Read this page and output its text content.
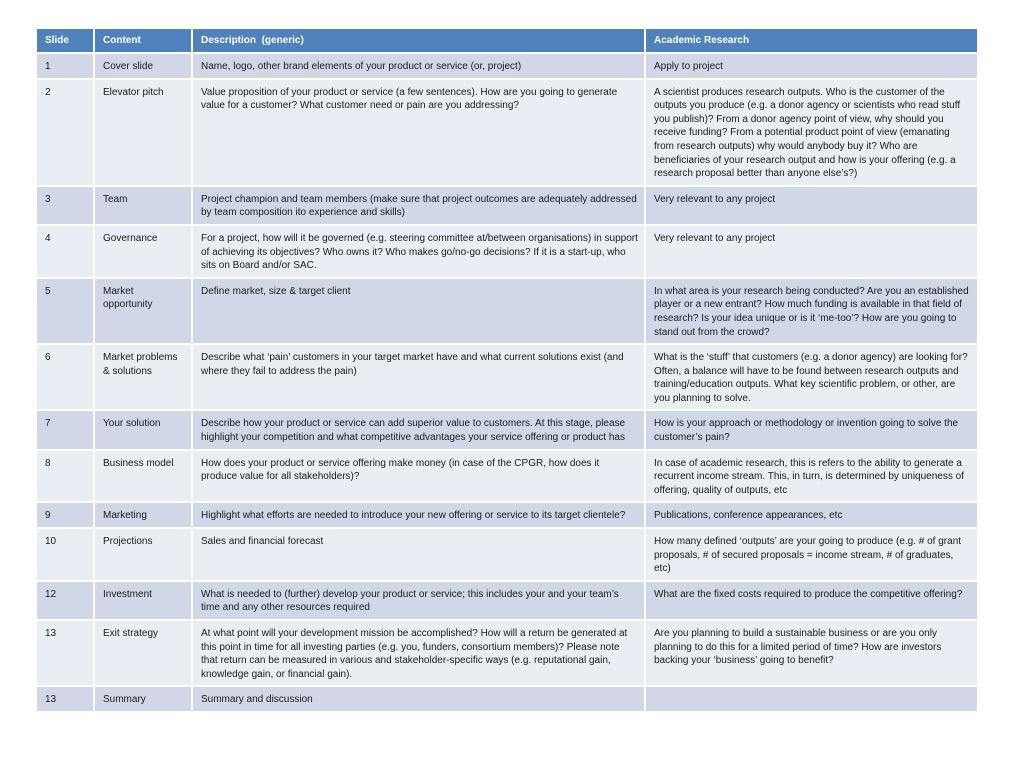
Slide	Content	Description  (generic)	Academic Research
1	Cover slide	Name, logo, other brand elements of your product or service (or, project)	Apply to project
2	Elevator pitch	Value proposition of your product or service (a few sentences). How are you going to generate value for a customer? What customer need or pain are you addressing?	A scientist produces research outputs. Who is the customer of the outputs you produce (e.g. a donor agency or scientists who read stuff you publish)? From a donor agency point of view, why should you receive funding? From a potential product point of view (emanating from research outputs) why would anybody buy it? Who are beneficiaries of your research output and how is your offering (e.g. a research proposal better than anyone else’s?)
3	Team	Project champion and team members (make sure that project outcomes are adequately addressed by team composition ito experience and skills)	Very relevant to any project
4	Governance	For a project, how will it be governed (e.g. steering committee at/between organisations) in support of achieving its objectives? Who owns it? Who makes go/no-go decisions? If it is a start-up, who sits on Board and/or SAC.	Very relevant to any project
5	Market opportunity	Define market, size & target client	In what area is your research being conducted? Are you an established player or a new entrant? How much funding is available in that field of research? Is your idea unique or is it ‘me-too’? How are you going to stand out from the crowd?
6	Market problems & solutions	Describe what ‘pain’ customers in your target market have and what current solutions exist (and where they fail to address the pain)	What is the ‘stuff’ that customers (e.g. a donor agency) are looking for? Often, a balance will have to be found between research outputs and training/education outputs. What key scientific problem, or other, are you planning to solve.
7	Your solution	Describe how your product or service can add superior value to customers. At this stage, please highlight your competition and what competitive advantages your service offering or product has	How is your approach or methodology or invention going to solve the customer’s pain?
8	Business model	How does your product or service offering make money (in case of the CPGR, how does it produce value for all stakeholders)?	In case of academic research, this is refers to the ability to generate a recurrent income stream. This, in turn, is determined by uniqueness of offering, quality of outputs, etc
9	Marketing	Highlight what efforts are needed to introduce your new offering or service to its target clientele?	Publications, conference appearances, etc
10	Projections	Sales and financial forecast	How many defined ‘outputs’ are your going to produce (e.g. # of grant proposals, # of secured proposals = income stream, # of graduates, etc)
12	Investment	What is needed to (further) develop your product or service; this includes your and your team’s time and any other resources required	What are the fixed costs required to produce the competitive offering?
13	Exit strategy	At what point will your development mission be accomplished? How will a return be generated at this point in time for all investing parties (e.g. you, funders, consortium members)? Please note that return can be measured in various and stakeholder-specific ways (e.g. reputational gain, knowledge gain, or financial gain).	Are you planning to build a sustainable business or are you only planning to do this for a limited period of time? How are investors backing your ‘business’ going to benefit?
13	Summary	Summary and discussion	
